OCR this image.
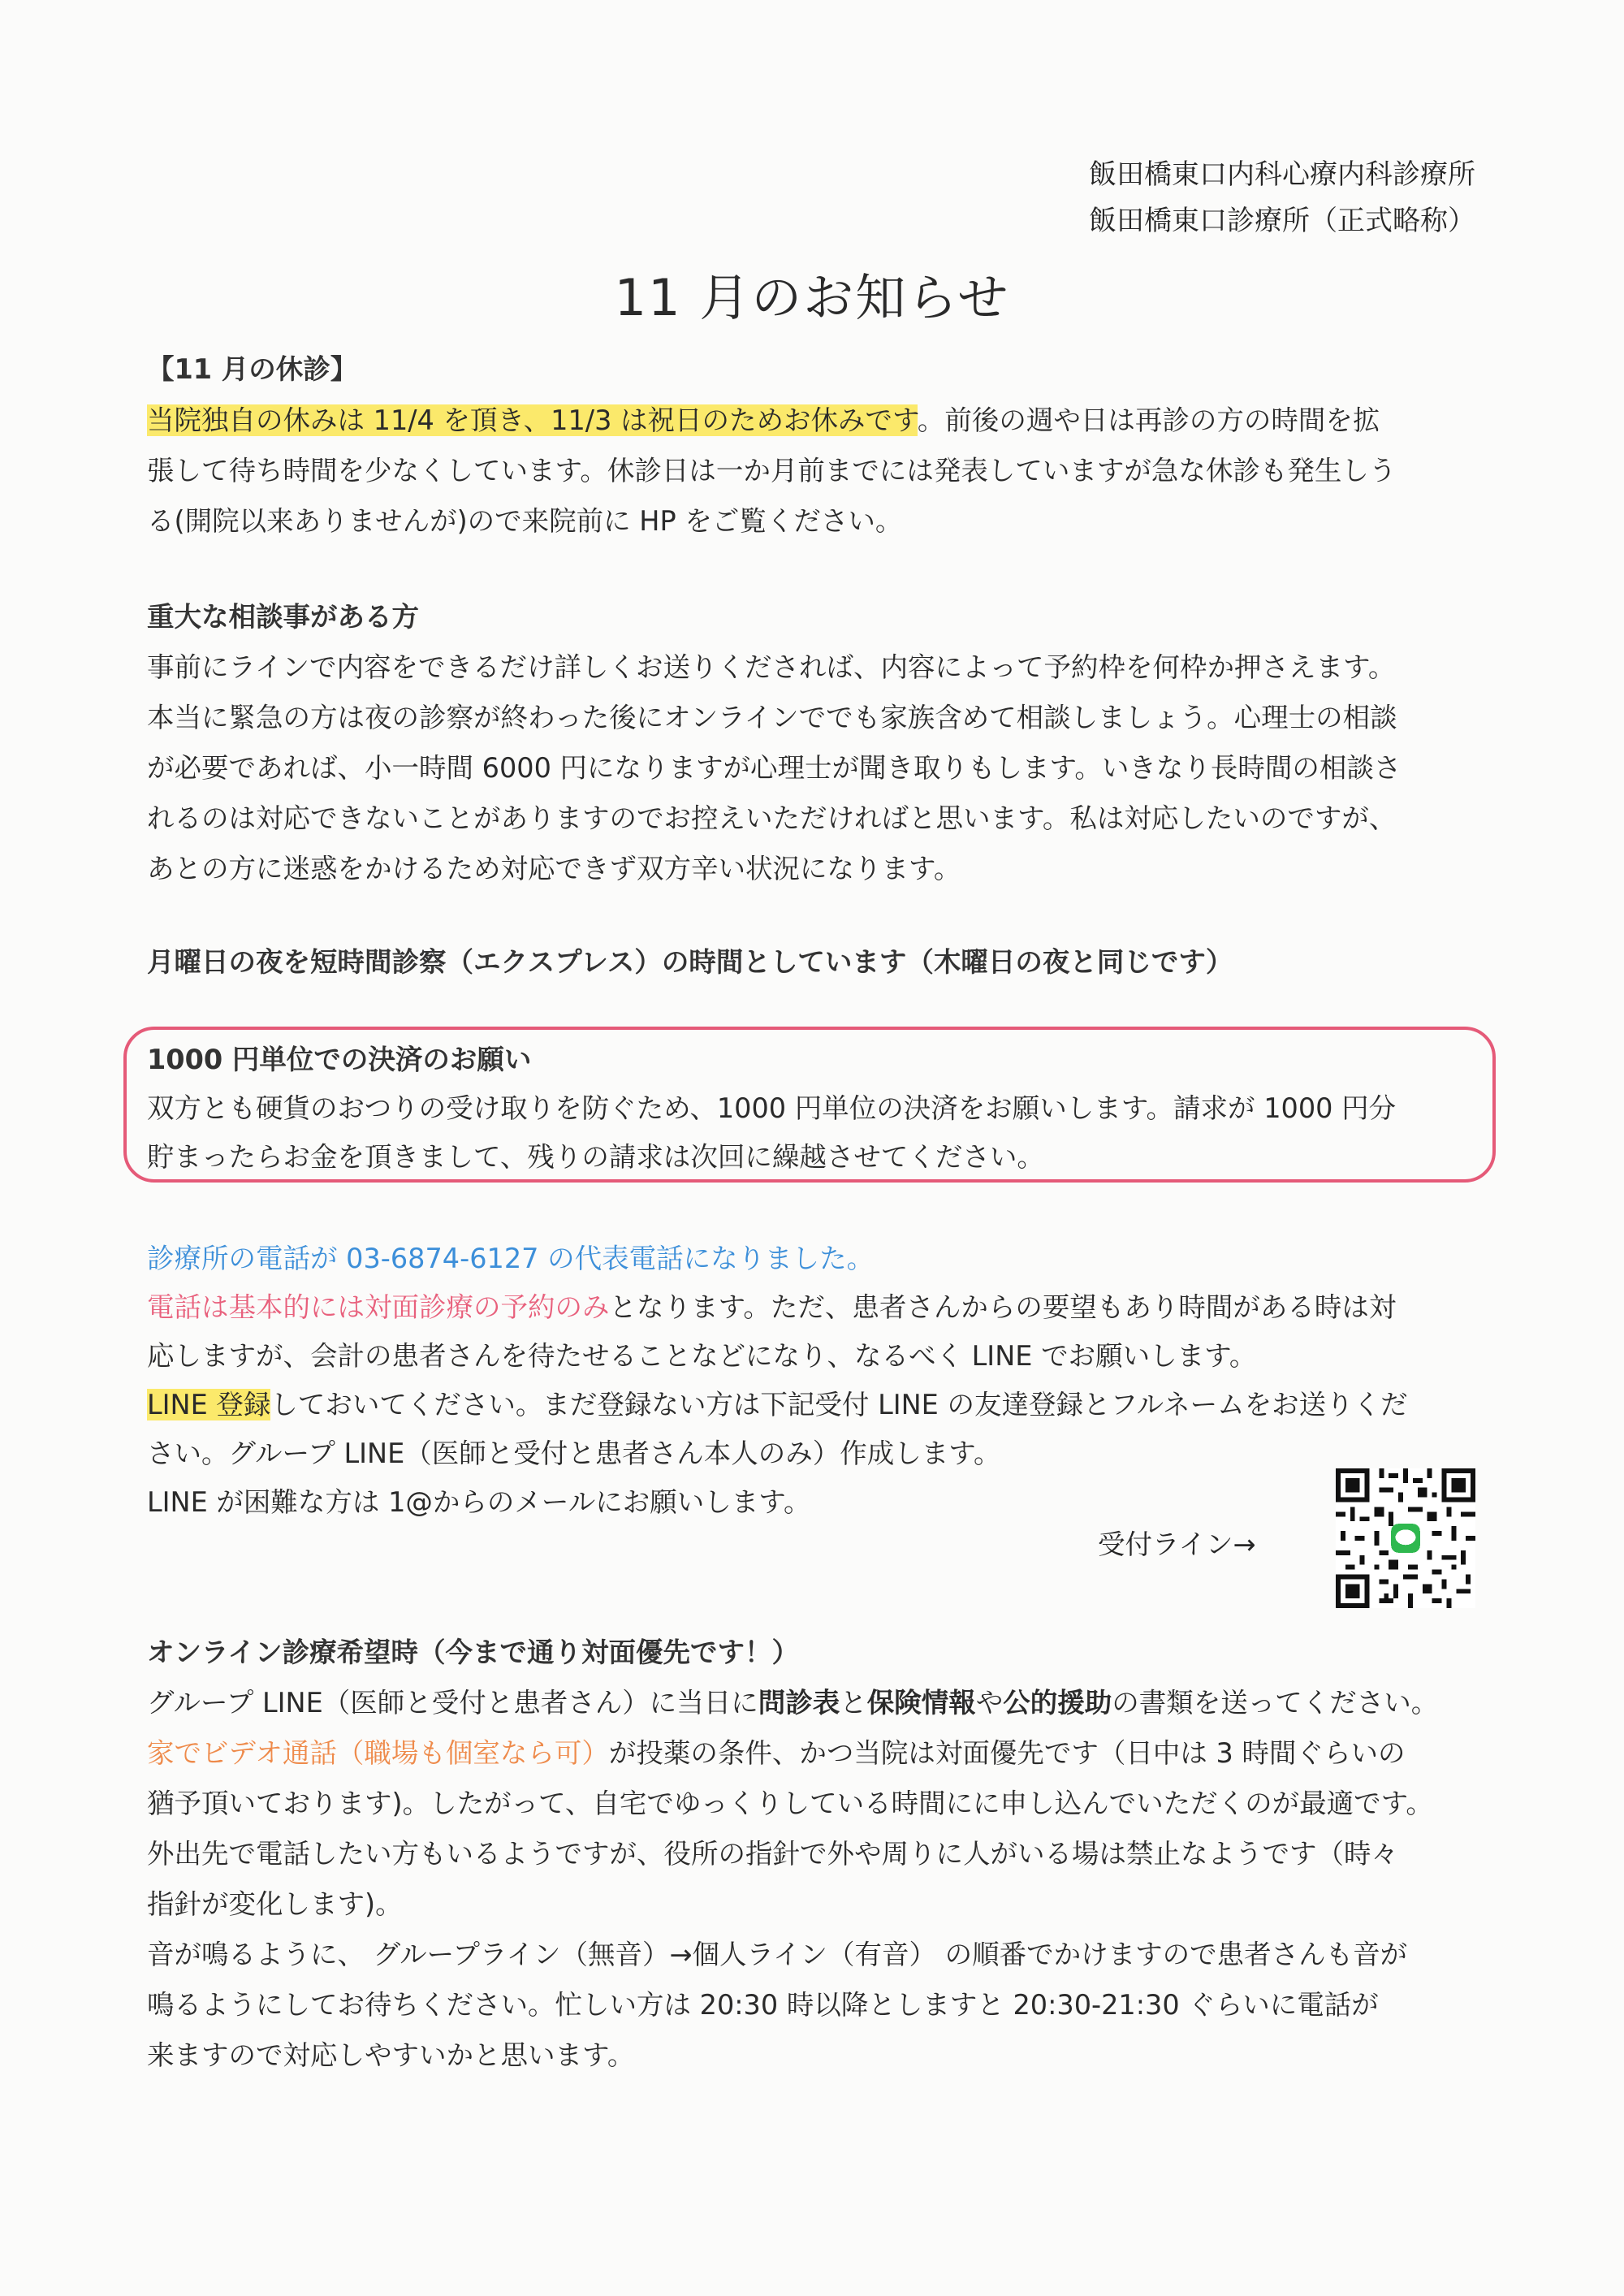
飯田橋東口内科心療内科診療所
飯田橋東口診療所（正式略称）
11 月のお知らせ
【11 月の休診】
当院独自の休みは 11/4 を頂き、11/3 は祝日のためお休みです。前後の週や日は再診の方の時間を拡
張して待ち時間を少なくしています。休診日は一か月前までには発表していますが急な休診も発生しう
る(開院以来ありませんが)ので来院前に HP をご覧ください。
重大な相談事がある方
事前にラインで内容をできるだけ詳しくお送りくだされば、内容によって予約枠を何枠か押さえます。
本当に緊急の方は夜の診察が終わった後にオンラインででも家族含めて相談しましょう。心理士の相談
が必要であれば、小一時間 6000 円になりますが心理士が聞き取りもします。いきなり長時間の相談さ
れるのは対応できないことがありますのでお控えいただければと思います。私は対応したいのですが、
あとの方に迷惑をかけるため対応できず双方辛い状況になります。
月曜日の夜を短時間診察（エクスプレス）の時間としています（木曜日の夜と同じです）
1000 円単位での決済のお願い
双方とも硬貨のおつりの受け取りを防ぐため、1000 円単位の決済をお願いします。請求が 1000 円分
貯まったらお金を頂きまして、残りの請求は次回に繰越させてください。
診療所の電話が 03-6874-6127 の代表電話になりました。
電話は基本的には対面診療の予約のみとなります。ただ、患者さんからの要望もあり時間がある時は対
応しますが、会計の患者さんを待たせることなどになり、なるべく LINE でお願いします。
LINE 登録しておいてください。まだ登録ない方は下記受付 LINE の友達登録とフルネームをお送りくだ
さい。グループ LINE（医師と受付と患者さん本人のみ）作成します。
LINE が困難な方は 1@からのメールにお願いします。
受付ライン→
オンライン診療希望時（今まで通り対面優先です！）
グループ LINE（医師と受付と患者さん）に当日に問診表と保険情報や公的援助の書類を送ってください。
家でビデオ通話（職場も個室なら可）が投薬の条件、かつ当院は対面優先です（日中は 3 時間ぐらいの
猶予頂いております)。したがって、自宅でゆっくりしている時間にに申し込んでいただくのが最適です。
外出先で電話したい方もいるようですが、役所の指針で外や周りに人がいる場は禁止なようです（時々
指針が変化します)。
音が鳴るように、 グループライン（無音）→個人ライン（有音） の順番でかけますので患者さんも音が
鳴るようにしてお待ちください。忙しい方は 20:30 時以降としますと 20:30-21:30 ぐらいに電話が
来ますので対応しやすいかと思います。
